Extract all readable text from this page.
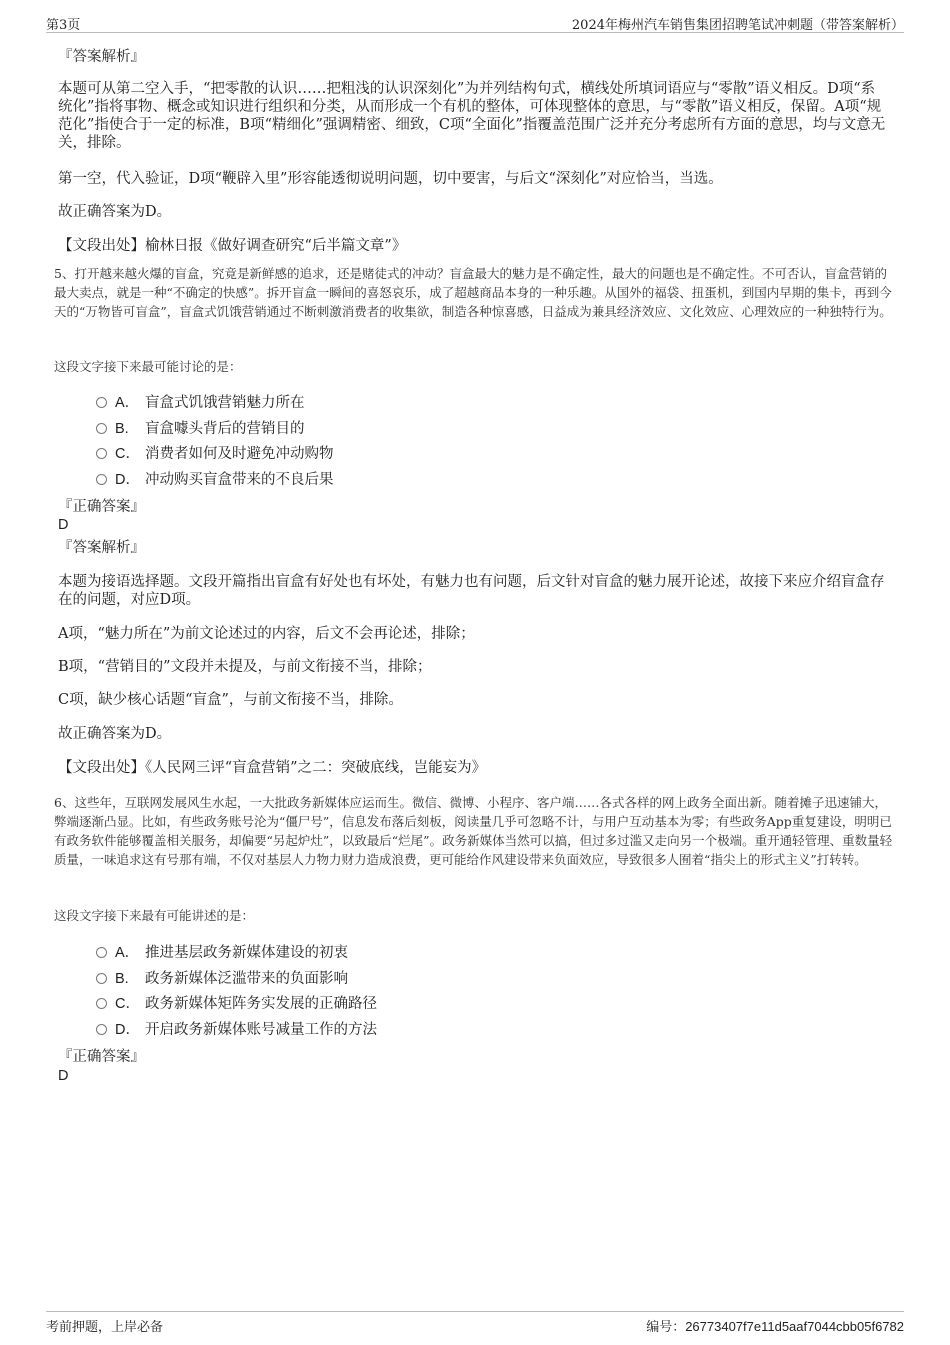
第3页	2024年梅州汽车销售集团招聘笔试冲刺题（带答案解析）
『答案解析』
本题可从第二空入手，“把零散的认识……把粗浅的认识深刻化”为并列结构句式，横线处所填词语应与“零散”语义相反。D项“系统化”指将事物、概念或知识进行组织和分类，从而形成一个有机的整体，可体现整体的意思，与“零散”语义相反，保留。A项“规范化”指使合于一定的标准，B项“精细化”强调精密、细致，C项“全面化”指覆盖范围广泛并充分考虑所有方面的意思，均与文意无关，排除。
第一空，代入验证，D项“鞭辟入里”形容能透彻说明问题，切中要害，与后文“深刻化”对应恰当，当选。
故正确答案为D。
【文段出处】榆林日报《做好调查研究“后半篇文章”》
5、打开越来越火爆的盲盒，究竟是新鲜感的追求，还是赌徒式的冲动？盲盒最大的魅力是不确定性，最大的问题也是不确定性。不可否认，盲盒营销的最大卖点，就是一种“不确定的快感”。拆开盲盒一瞬间的喜怒哀乐，成了超越商品本身的一种乐趣。从国外的福袋、扭蛋机，到国内早期的集卡，再到今天的“万物皆可盲盒”，盲盒式饥饿营销通过不断刺激消费者的收集欲，制造各种惊喜感，日益成为兼具经济效应、文化效应、心理效应的一种独特行为。
这段文字接下来最可能讨论的是：
A． 盲盒式饥饿营销魅力所在
B. 盲盒噱头背后的营销目的
C． 消费者如何及时避免冲动购物
D． 冲动购买盲盒带来的不良后果
『正确答案』
D
『答案解析』
本题为接语选择题。文段开篇指出盲盒有好处也有坏处，有魅力也有问题，后文针对盲盒的魅力展开论述，故接下来应介绍盲盒存在的问题，对应D项。
A项，“魅力所在”为前文论述过的内容，后文不会再论述，排除；
B项，“营销目的”文段并未提及，与前文衔接不当，排除；
C项，缺少核心话题“盲盒”，与前文衔接不当，排除。
故正确答案为D。
【文段出处】《人民网三评“盲盒营销”之二：突破底线，岂能妄为》
6、这些年，互联网发展风生水起，一大批政务新媒体应运而生。微信、微博、小程序、客户端……各式各样的网上政务全面出新。随着摊子迅速铺大，弊端逐渐凸显。比如，有些政务账号沦为“僵尸号”，信息发布落后刻板，阅读量几乎可忽略不计，与用户互动基本为零；有些政务App重复建设，明明已有政务软件能够覆盖相关服务，却偏要“另起炉灶”，以致最后“烂尾”。政务新媒体当然可以搞，但过多过滥又走向另一个极端。重开通轻管理、重数量轻质量，一味追求这有号那有端，不仅对基层人力物力财力造成浪费，更可能给作风建设带来负面效应，导致很多人囿着“指尖上的形式主义”打转转。
这段文字接下来最有可能讲述的是：
A． 推进基层政务新媒体建设的初衷
B. 政务新媒体泛滥带来的负面影响
C． 政务新媒体矩阵务实发展的正确路径
D． 开启政务新媒体账号减量工作的方法
『正确答案』
D
考前押题，上岸必备	编号：26773407f7e11d5aaf7044cbb05f6782
